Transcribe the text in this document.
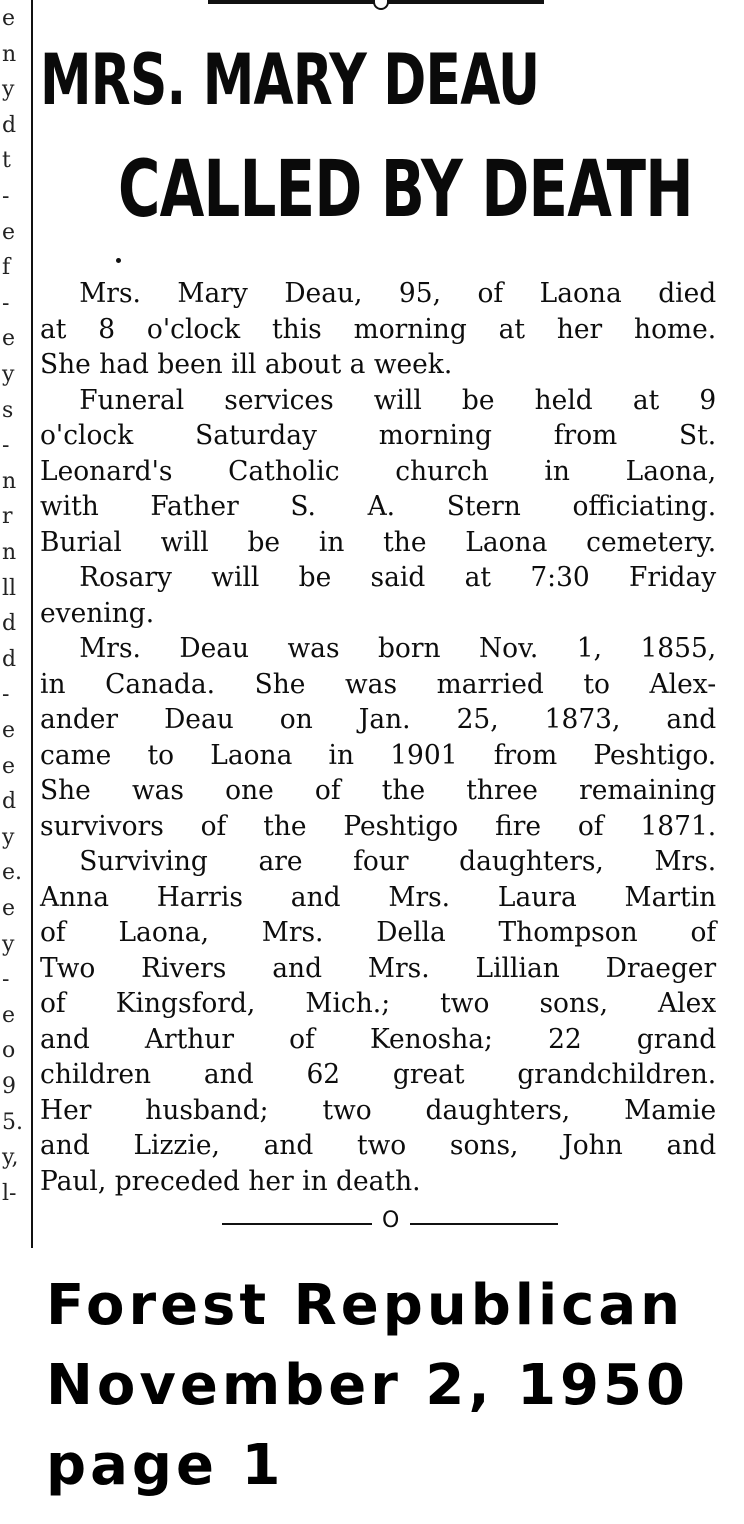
e
n
y
d
t
-
e
f
-
e
y
s
-
n
r
n
ll
d
d
-
e
e
d
y
e.
e
y
-
e
o
9
5.
y,
l-
MRS. MARY DEAU
CALLED BY DEATH

Mrs. Mary Deau, 95, of Laona died

at 8 o'clock this morning at her home.

She had been ill about a week.

Funeral services will be held at 9

o'clock Saturday morning from St.

Leonard's Catholic church in Laona,

with Father S. A. Stern officiating.

Burial will be in the Laona cemetery.

Rosary will be said at 7:30 Friday

evening.

Mrs. Deau was born Nov. 1, 1855,

in Canada. She was married to Alex-

ander Deau on Jan. 25, 1873, and

came to Laona in 1901 from Peshtigo.

She was one of the three remaining

survivors of the Peshtigo fire of 1871.

Surviving are four daughters, Mrs.

Anna Harris and Mrs. Laura Martin

of Laona, Mrs. Della Thompson of

Two Rivers and Mrs. Lillian Draeger

of Kingsford, Mich.; two sons, Alex

and Arthur of Kenosha; 22 grand

children and 62 great grandchildren.

Her husband; two daughters, Mamie

and Lizzie, and two sons, John and

Paul, preceded her in death.

O
Forest Republican
November 2, 1950
page 1
